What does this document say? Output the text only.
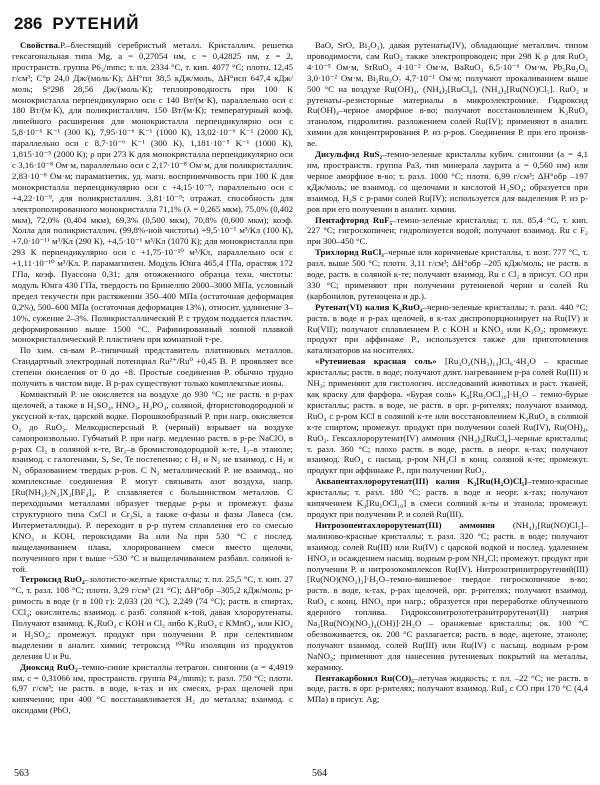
286 РУТЕНИЙ

Свойства.Р.–блестящий серебристый металл. Кристаллич. решетка гексагональная типа Mg, a = 0,27054 нм, c = 0,42825 нм, z = 2, пространств. группа P6₃/mmc; т. пл. 2334 °C, т. кип. 4077 °C; плотн. 12,45 г/см³; C°p 24,0 Дж/(моль·К); ΔH°пл 38,5 кДж/моль, ΔH°исп 647,4 кДж/моль; S°298 28,56 Дж/(моль·К); теплопроводность при 100 К монокристалла перпендикулярно оси c 140 Вт/(м·К), параллельно оси c 180 Вт/(м·К), для поликристаллич. 150 Вт/(м·К); температурный коэф. линейного расширения для монокристалла перпендикулярно оси c 5,8·10⁻⁶ K⁻¹ (300 К), 7,95·10⁻⁶ K⁻¹ (1000 К), 13,02·10⁻⁶ K⁻¹ (2000 К), параллельно оси c 8,7·10⁻⁶ K⁻¹ (300 К), 1,181·10⁻⁵ K⁻¹ (1000 К), 1,815·10⁻⁵ (2000 К); ρ при 273 К для монокристалла перпендикулярно оси c 3,16·10⁻⁸ Ом·м, параллельно оси c 2,17·10⁻⁸ Ом·м, для поликристаллич. 2,83·10⁻⁸ Ом·м; парамагнетик, уд. магн. восприимчивость при 100 К для монокристалла перпендикулярно оси c +4,15·10⁻⁹, параллельно оси c +4,22·10⁻⁹, для поликристаллич. 3,81·10⁻⁹; отражат. способность для электрополированного монокристалла 71,1% (λ = 0,265 мкм), 75,0% (0,402 мкм), 72,0% (0,404 мкм), 69,3% (0,500 мкм), 70,8% (0,600 мкм); коэф. Холла для поликристаллич. (99,8%-ной чистоты) +9,5·10⁻¹ м³/Кл (100 К), +7,0·10⁻¹¹ м³/Кл (290 К), +4,5·10⁻¹ м³/Кл (1070 К); для монокристалла при 293 К перпендикулярно оси c +1,75·10⁻¹⁰ м³/Кл, параллельно оси c +1,11·10⁻¹⁰ м³/Кл. Р. парамагнитен. Модуль Юнга 465,4 ГПа, σрастяж 172 ГПа, коэф. Пуассона 0,31; для отожженного образца техн. чистоты: модуль Юнга 430 ГПа, твердость по Бринеллю 2000–3000 МПа, условный предел текучести при растяжении 350–400 МПа (остаточная деформация 0,2%), 500–600 МПа (остаточная деформация 13%), относит. удлинение 3–10%, сужение 2–3%. Поликристаллический Р. с трудом поддается пластич. деформированию выше 1500 °C. Рафинированный зонной плавкой монокристаллический Р. пластичен при комнатной т-ре.

По хим. св-вам Р.–типичный представитель платиновых металлов. Стандартный электродный потенциал Ru²⁺/Ru⁰ +0,45 В. Р. проявляет все степени окисления от 0 до +8. Простые соединения Р. обычно трудно получить в чистом виде. В р-рах существуют только комплексные ионы.

Компактный Р. не окисляется на воздухе до 930 °C; не раств. в р-рах щелочей, а также в H₂SO₄, HNO₃, H₃PO₄, соляной, фтористоводородной и уксусной к-тах, царской водке. Порошкообразный Р. при нагр. окисляется O₂ до RuO₂. Мелкодисперсный Р. (черный) взрывает на воздухе самопроизвольно. Губчатый Р. при нагр. медленно раств. в р-ре NaClO, в р-рах Cl₂ в соляной к-те, Br₂–в бромистоводородной к-те, I₂–в этаноле; взаимод. с галогенами, S, Se, Te постепенно; с H₂ и N₂ не взаимод. с Н₂ и N₂ образованием твердых р-ров. С N₂ металлический Р. не взаимод., но комплексные соединения Р. могут связывать азот воздуха, напр. [Ru(NH₃)₅N₂]X₂[BF₄]₄. Р. сплавляется с большинством металлов. С переходными металлами образует твердые р-ры и промежут. фазы структурного типа CsCl и Cr₃Si, а также σ-фазы и фазы Лавеса (см. Интерметаллиды). Р. переходит в р-р путем сплавления его со смесью KNO₃ и KOH, пероксидами Ba или Na при 530 °C с послед. выщелачиванием плава, хлорированием смеси вместо щелочи, полученного при t выше ~530 °C и выщелачиванием разбавл. соляной к-той.

Тетроксид RuO₄–золотисто-желтые кристаллы; т. пл. 25,5 °C, т. кип. 27 °C, т. разл. 108 °C; плотн. 3,29 г/см³ (21 °C); ΔH°обр –305,2 кДж/моль; р-римость в воде (г в 100 г): 2,033 (20 °C), 2,249 (74 °C); раств. в спиртах, CCl₄; окислитель; взаимод. с разб. соляной к-той, давая хлорорутенаты. Получают взаимод. K₂RuO₄ с KOH и Cl₂ либо K₂RuO₄ с KMnO₄, или KIO₄ и H₂SO₄; промежут. продукт при получении Р. при селективном выделении в аналит. химии; тетроксид ¹⁰⁶Ru изоляции из продуктов деления U и Pu.

Диоксид RuO₂–темно-синие кристаллы тетрагон. сингонии (a = 4,4919 нм, c = 0,31066 нм, пространств. группа P4₂/mnm); т. разл. 750 °C; плотн. 6,97 г/см³; не раств. в воде, к-тах и их смесях, р-рах щелочей при кипячении; при 400 °C восстанавливается H₂ до металла; взаимод. с оксидами (PbO,

BaO, SrO, Bi₂O₃), давая рутенаты(IV), обладающие металлич. типом проводимости, сам RuO₂ также электропроводен; при 298 К ρ для RuO₂ 4·10⁻⁵ Ом·м, SrRuO₃ 4·10⁻² Ом·м, BaRuO₃ 6,5·10⁻⁶ Ом·м, Pb₂Ru₂O₆ 3,0·10⁻² Ом·м, Bi₂Ru₂O₇ 4,7·10⁻¹ Ом·м; получают прокаливанием выше 500 °C на воздухе Ru(OH)₄, (NH₄)₂[RuCl₆], (NH₄)₂[Ru(NO)Cl₅]. RuO₂ и рутенаты–резисторные материалы в микроэлектронике. Гидроксид Ru(OH)₄–черное аморфное в-во; получают восстановлением K₂RuO₄ этанолом, гидролитич. разложением солей Ru(IV); применяют в аналит. химии для концентрирования Р. из р-ров. Соединения Р. при его произв-ве.

Дисульфид RuS₂–темно-зеленые кристаллы кубич. сингонии (a = 4,1 нм, пространств. группа Pa3, тип минерала лаурита а = 0,560 нм) или черное аморфное в-во; т. разл. 1000 °C; плотн. 6,99 г/см³; ΔH°обр –197 кДж/моль; не взаимод. со щелочами и кислотой H₂SO₄; образуется при взаимод. H₂S с р-рами солей Ru(IV); используется для выделения Р. из р-ров при его получении в аналит. химии.

Пентафторид RuF₅–темно-зеленые кристаллы; т. пл. 85,4 °C, т. кип. 227 °C; гигроскопичен; гидролизуется водой; получают взаимод. Ru с F₂ при 300–450 °C.

Трихлорид RuCl₃–черные или коричневые кристаллы, т. возг. 777 °C, т. разл. выше 500 °C; плотн. 3,11 г/см³; ΔH°обр –205 кДж/моль; не раств. в воде, раств. в соляной к-те; получают взаимод. Ru с Cl₂ в присут. CO при 330 °C; применяют при получении рутениевой черни и солей Ru (карбонилов, рутеноцена и др.).

Рутенат(VI) калия K₂RuO₄–черно-зеленые кристаллы; т. разл. 440 °C; раств. в воде и р-рах щелочей, в к-тах диспропорционирует на Ru(IV) и Ru(VII); получают сплавлением Р. с KOH и KNO₃ или K₂O₂; промежут. продукт при аффинаже Р., используется также для приготовления катализаторов на носителях.

«Рутениевая красная соль» [Ru₃O₂(NH₃)₁₄]Cl₆·4H₂O – красные кристаллы; раств. в воде; получают длит. нагреванием р-ра солей Ru(III) и NH₃; применяют для гистологич. исследований животных и раст. тканей, как краску для фарфора. «Бурая соль» K₂[Ru₂OCl₁₀]·H₂O – темно-бурые кристаллы; раств. в воде, не раств. в орг. р-рителях; получают взаимод. RuO₄ с р-ром KCl в соляной к-те или восстановлением K₂RuO₄ в соляной к-те спиртом; промежут. продукт при получении солей Ru(IV), Ru(OH)₄, RuO₂. Гексахлорорутенат(IV) аммония (NH₄)₂[RuCl₆]–черные кристаллы; т. разл. 360 °C; плохо раств. в воде, раств. в неорг. к-тах; получают взаимод. RuO₄ с насыщ. р-ром NH₄Cl в конц. соляной к-те; промежут. продукт при аффинаже Р., при получении RuO₂.

Аквапентахлорорутенат(III) калия K₂[Ru(H₂O)Cl₅]–темно-красные кристаллы; т. разл. 180 °C; раств. в воде и неорг. к-тах; получают кипячением K₄[Ru₂OCl₁₀] в смеси соляной к-ты и этанола; промежут. продукт при получении Р. и солей Ru(III).

Нитрозопентахлорорутенат(III) аммония (NH₄)₂[Ru(NO)Cl₅]–малиново-красные кристаллы; т. разл. 320 °C; раств. в воде; получают взаимод. солей Ru(III) или Ru(IV) с царской водкой и послед. удалением HNO₃ и осаждением насыщ. водным р-ром NH₄Cl; промежут. продукт при получении Р. и нитрозокомплексов Ru(IV). Нитрозотринитрорутений(III) [Ru(NO)(NO₃)₃]·H₂O–темно-вишневое твердое гигроскопичное в-во; раств. в воде, к-тах, р-рах щелочей, орг. р-рителях; получают взаимод. RuO₄ с конц. HNO₃ при нагр.; образуется при переработке облученного ядерного топлива. Гидроксонитрозотетранитрорутенат(II) натрия Na₂[Ru(NO)(NO₂)₄(OH)]·2H₂O – оранжевые кристаллы; ок. 100 °C обезвоживается, ок. 200 °C разлагается; раств. в воде, ацетоне, этаноле; получают взаимод. солей Ru(III) или Ru(IV) с насыщ. водным р-ром NaNO₂; применяют для нанесения рутениевых покрытий на металлы, керамику.

Пентакарбонил Ru(CO)₅–летучая жидкость; т. пл. –22 °C; не раств. в воде, раств. в орг. р-рителях; получают взаимод. RuI₃ с CO при 170 °C (4,4 МПа) в присут. Ag;

563	564
